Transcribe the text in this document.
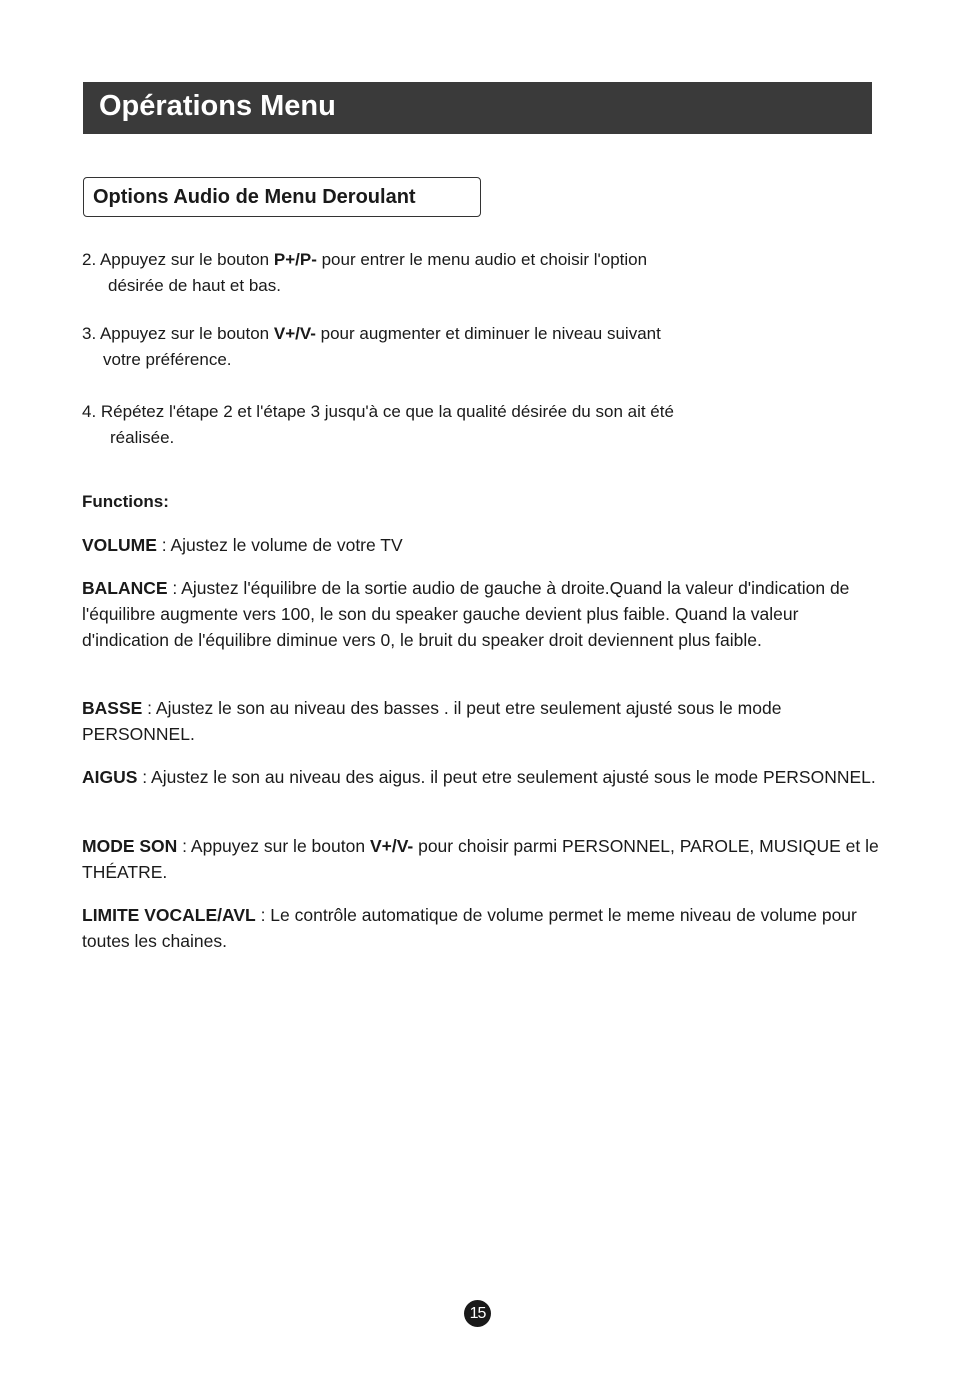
Opérations Menu
Options Audio de Menu Deroulant
2. Appuyez sur le bouton P+/P- pour entrer le menu audio et choisir l'option
désirée de haut et bas.
3. Appuyez sur le bouton V+/V- pour augmenter et diminuer le niveau suivant
votre préférence.
4. Répétez l'étape 2 et l'étape 3 jusqu'à ce que la qualité désirée du son ait été
réalisée.
Functions:
VOLUME : Ajustez le volume de votre TV
BALANCE : Ajustez l'équilibre de la sortie audio de gauche à droite.Quand la valeur d'indication de l'équilibre augmente vers 100, le son du speaker gauche devient plus faible. Quand la valeur d'indication de l'équilibre diminue vers 0, le bruit du speaker droit deviennent plus faible.
BASSE : Ajustez le son au niveau des basses . il peut etre seulement ajusté sous le mode PERSONNEL.
AIGUS : Ajustez le son au niveau des aigus. il peut etre seulement ajusté sous le mode PERSONNEL.
MODE SON : Appuyez sur le bouton V+/V- pour choisir parmi PERSONNEL, PAROLE, MUSIQUE et le THÉATRE.
LIMITE VOCALE/AVL : Le contrôle automatique de volume permet le meme niveau de volume pour toutes les chaines.
15
